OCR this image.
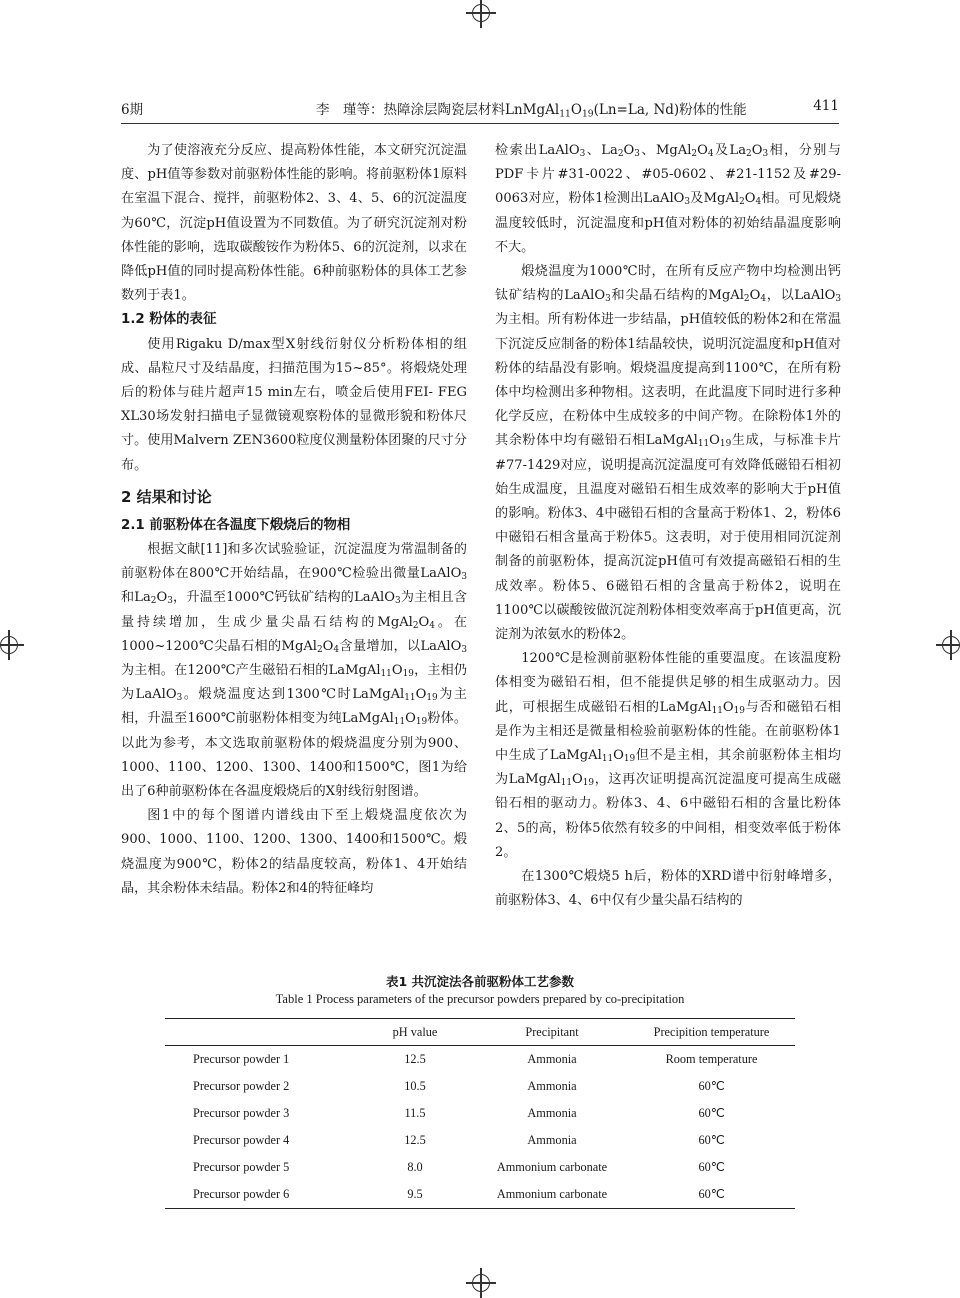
6期	李　瑾等：热障涂层陶瓷层材料$LnMgAl_{11}O_{19}(Ln=La$, Nd)粉体的性能	411

为了使溶液充分反应、提高粉体性能，本文研究沉淀温度、pH值等参数对前驱粉体性能的影响。将前驱粉体1原料在室温下混合、搅拌，前驱粉体2、3、4、5、6的沉淀温度为60℃，沉淀pH值设置为不同数值。为了研究沉淀剂对粉体性能的影响，选取碳酸铵作为粉体5、6的沉淀剂，以求在降低pH值的同时提高粉体性能。6种前驱粉体的具体工艺参数列于表1。

1.2 粉体的表征

使用Rigaku D/max型X射线衍射仪分析粉体相的组成、晶粒尺寸及结晶度，扫描范围为15~85°。将煅烧处理后的粉体与硅片超声15 min左右，喷金后使用FEI- FEG XL30场发射扫描电子显微镜观察粉体的显微形貌和粉体尺寸。使用Malvern ZEN3600粒度仪测量粉体团聚的尺寸分布。

2 结果和讨论
2.1 前驱粉体在各温度下煅烧后的物相

根据文献[11]和多次试验验证，沉淀温度为常温制备的前驱粉体在800℃开始结晶，在900℃检验出微量LaAlO$_3$和$La_2O_3$，升温至1000℃钙钛矿结构的LaAlO$_3$为主相且含量持续增加，生成少量尖晶石结构的$MgAl_2O_4$。在1000~1200℃尖晶石相的$MgAl_2O_4$含量增加，以LaAlO$_3$为主相。在1200℃产生磁铅石相的$LaMgAl_{11}O_{19}$，主相仍为LaAlO$_3$。煅烧温度达到1300℃时$LaMgAl_{11}O_{19}$为主相，升温至1600℃前驱粉体相变为纯$LaMgAl_{11}O_{19}$粉体。以此为参考，本文选取前驱粉体的煅烧温度分别为900、1000、1100、1200、1300、1400和1500℃，图1为给出了6种前驱粉体在各温度煅烧后的X射线衍射图谱。

图1中的每个图谱内谱线由下至上煅烧温度依次为900、1000、1100、1200、1300、1400和1500℃。煅烧温度为900℃，粉体2的结晶度较高，粉体1、4开始结晶，其余粉体未结晶。粉体2和4的特征峰均

检索出LaAlO$_3$、$La_2O_3$、$MgAl_2O_4$及$La_2O_3$相，分别与PDF卡片#31-0022、#05-0602、#21-1152及#29-0063对应，粉体1检测出LaAlO$_3$及$MgAl_2O_4$相。可见煅烧温度较低时，沉淀温度和pH值对粉体的初始结晶温度影响不大。

煅烧温度为1000℃时，在所有反应产物中均检测出钙钛矿结构的LaAlO$_3$和尖晶石结构的$MgAl_2O_4$，以LaAlO$_3$为主相。所有粉体进一步结晶，pH值较低的粉体2和在常温下沉淀反应制备的粉体1结晶较快，说明沉淀温度和pH值对粉体的结晶没有影响。煅烧温度提高到1100℃，在所有粉体中均检测出多种物相。这表明，在此温度下同时进行多种化学反应，在粉体中生成较多的中间产物。在除粉体1外的其余粉体中均有磁铅石相$LaMgAl_{11}O_{19}$生成，与标准卡片#77-1429对应，说明提高沉淀温度可有效降低磁铅石相初始生成温度，且温度对磁铅石相生成效率的影响大于pH值的影响。粉体3、4中磁铅石相的含量高于粉体1、2，粉体6中磁铅石相含量高于粉体5。这表明，对于使用相同沉淀剂制备的前驱粉体，提高沉淀pH值可有效提高磁铅石相的生成效率。粉体5、6磁铅石相的含量高于粉体2，说明在1100℃以碳酸铵做沉淀剂粉体相变效率高于pH值更高，沉淀剂为浓氨水的粉体2。

1200℃是检测前驱粉体性能的重要温度。在该温度粉体相变为磁铅石相，但不能提供足够的相生成驱动力。因此，可根据生成磁铅石相的$LaMgAl_{11}O_{19}$与否和磁铅石相是作为主相还是微量相检验前驱粉体的性能。在前驱粉体1中生成了$LaMgAl_{11}O_{19}$但不是主相，其余前驱粉体主相均为$LaMgAl_{11}O_{19}$，这再次证明提高沉淀温度可提高生成磁铅石相的驱动力。粉体3、4、6中磁铅石相的含量比粉体2、5的高，粉体5依然有较多的中间相，相变效率低于粉体2。

在1300℃煅烧5 h后，粉体的XRD谱中衍射峰增多，前驱粉体3、4、6中仅有少量尖晶石结构的

表1 共沉淀法各前驱粉体工艺参数
Table 1 Process parameters of the precursor powders prepared by co-precipitation
	pH value	Precipitant	Precipition temperature
Precursor powder 1	12.5	Ammonia	Room temperature
Precursor powder 2	10.5	Ammonia	60℃
Precursor powder 3	11.5	Ammonia	60℃
Precursor powder 4	12.5	Ammonia	60℃
Precursor powder 5	8.0	Ammonium carbonate	60℃
Precursor powder 6	9.5	Ammonium carbonate	60℃
